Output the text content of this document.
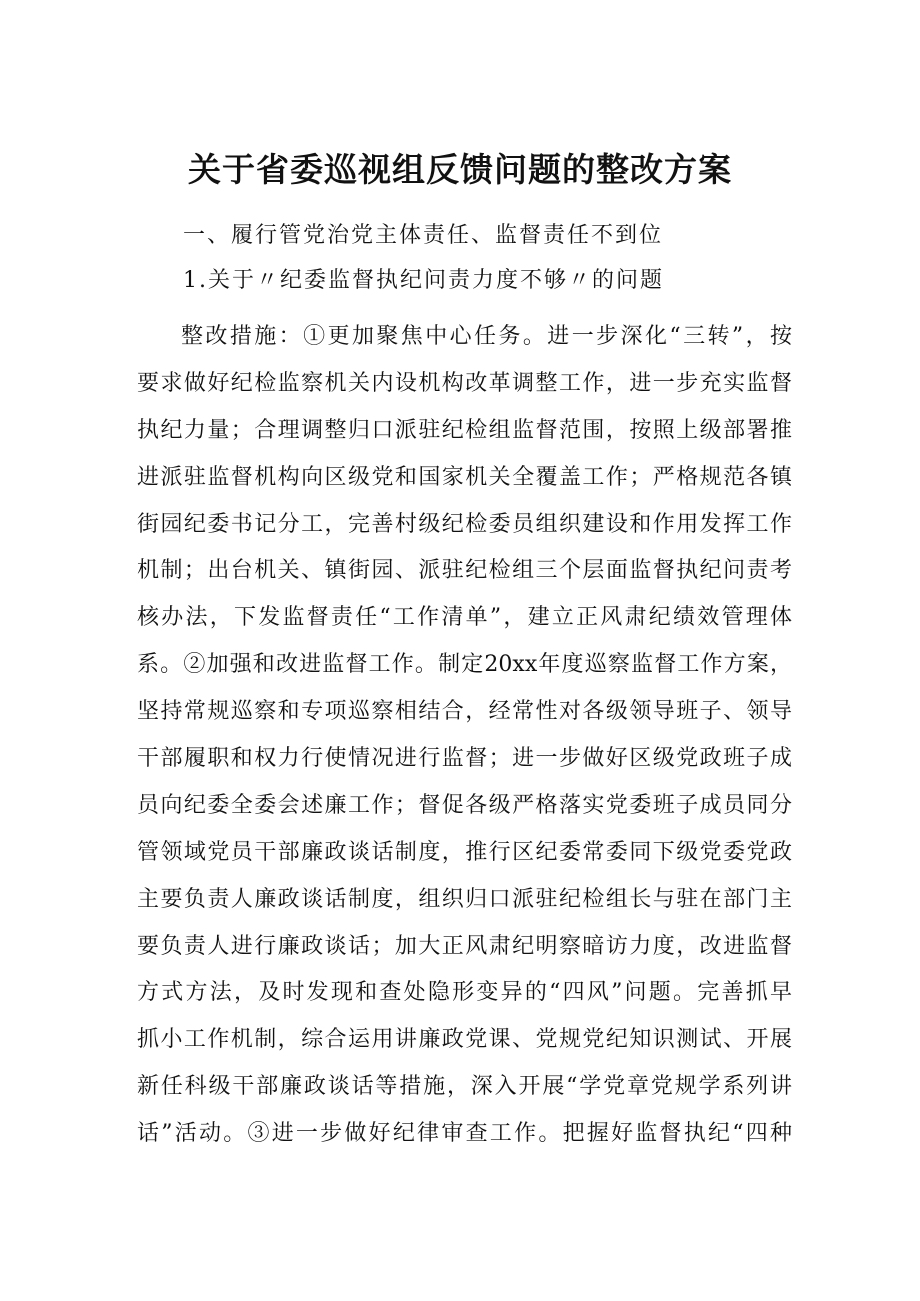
关于省委巡视组反馈问题的整改方案

一、履行管党治党主体责任、监督责任不到位

1.关于〃纪委监督执纪问责力度不够〃的问题

整改措施：①更加聚焦中心任务。进一步深化“三转”，按
要求做好纪检监察机关内设机构改革调整工作，进一步充实监督
执纪力量；合理调整归口派驻纪检组监督范围，按照上级部署推
进派驻监督机构向区级党和国家机关全覆盖工作；严格规范各镇
街园纪委书记分工，完善村级纪检委员组织建设和作用发挥工作
机制；出台机关、镇街园、派驻纪检组三个层面监督执纪问责考
核办法，下发监督责任“工作清单”，建立正风肃纪绩效管理体
系。②加强和改进监督工作。制定20xx年度巡察监督工作方案，
坚持常规巡察和专项巡察相结合，经常性对各级领导班子、领导
干部履职和权力行使情况进行监督；进一步做好区级党政班子成
员向纪委全委会述廉工作；督促各级严格落实党委班子成员同分
管领域党员干部廉政谈话制度，推行区纪委常委同下级党委党政
主要负责人廉政谈话制度，组织归口派驻纪检组长与驻在部门主
要负责人进行廉政谈话；加大正风肃纪明察暗访力度，改进监督
方式方法，及时发现和查处隐形变异的“四风”问题。完善抓早
抓小工作机制，综合运用讲廉政党课、党规党纪知识测试、开展
新任科级干部廉政谈话等措施，深入开展“学党章党规学系列讲
话”活动。③进一步做好纪律审查工作。把握好监督执纪“四种
